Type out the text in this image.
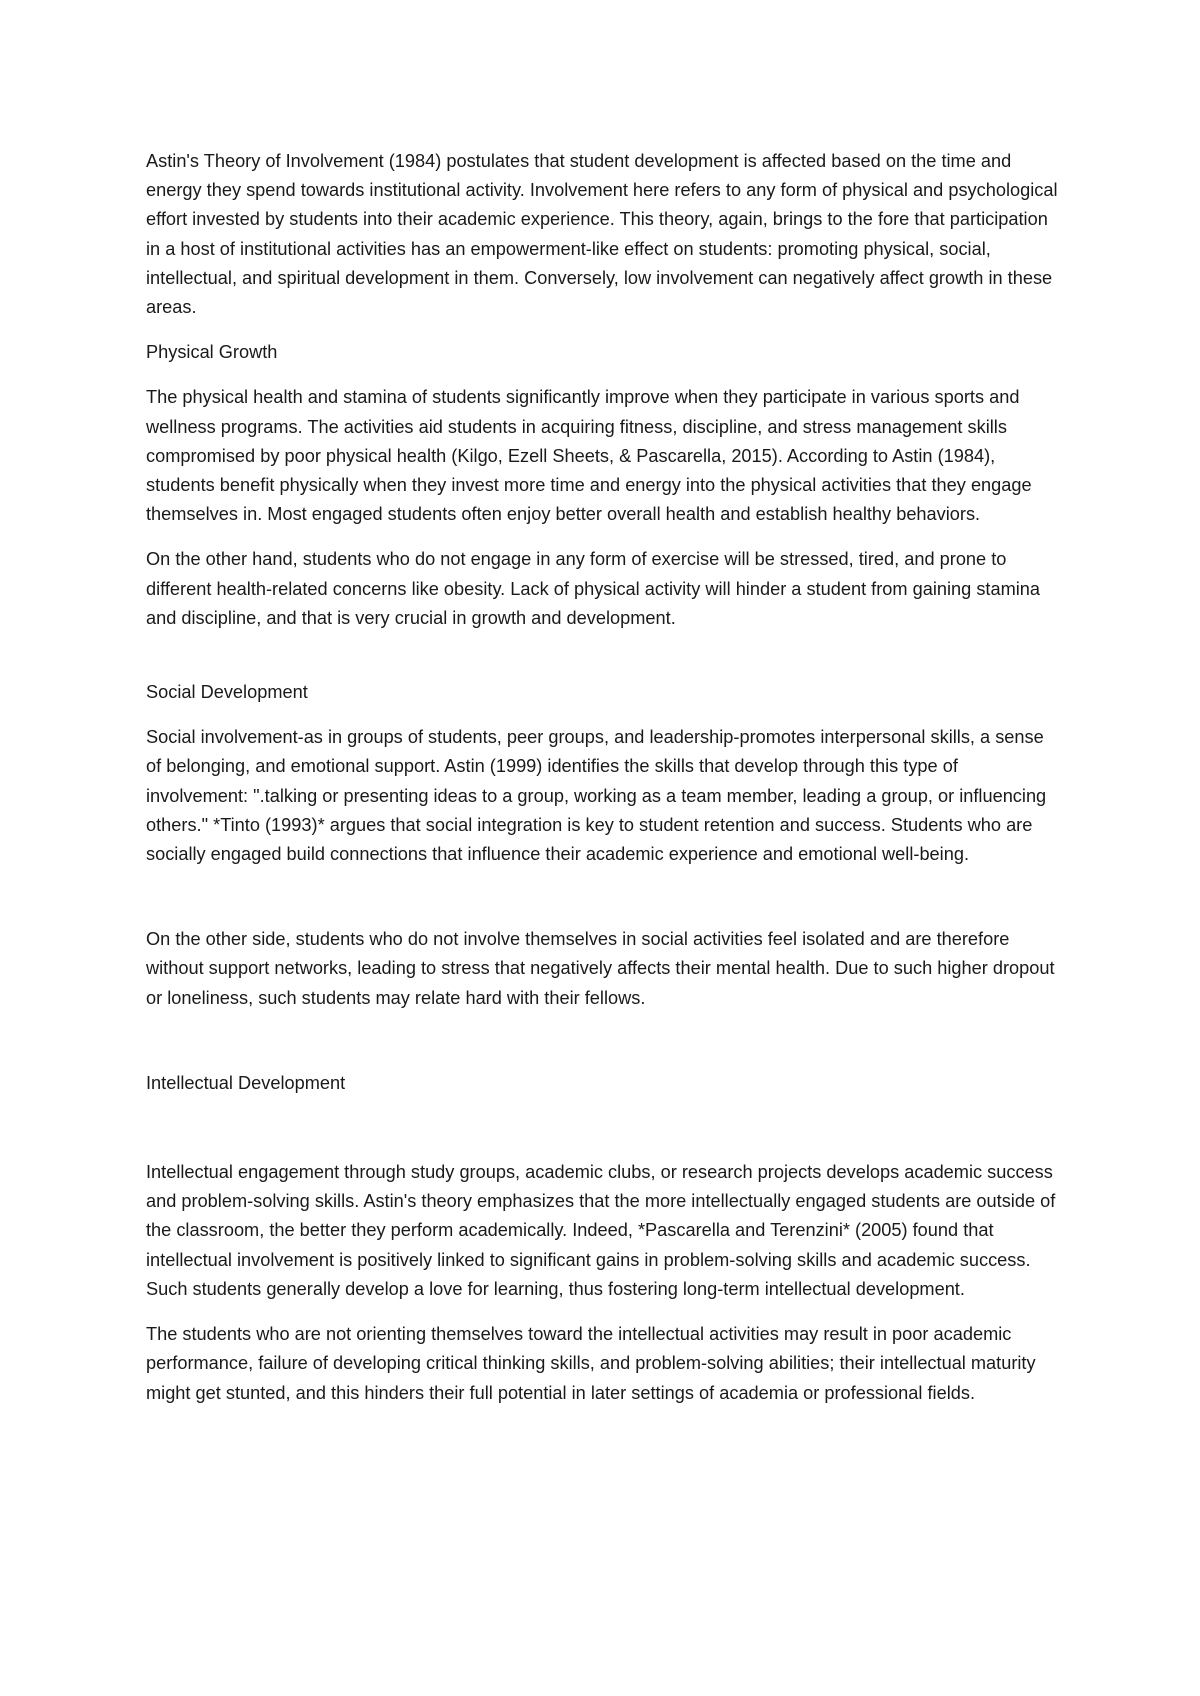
Astin's Theory of Involvement (1984) postulates that student development is affected based on the time and energy they spend towards institutional activity. Involvement here refers to any form of physical and psychological effort invested by students into their academic experience. This theory, again, brings to the fore that participation in a host of institutional activities has an empowerment-like effect on students: promoting physical, social, intellectual, and spiritual development in them. Conversely, low involvement can negatively affect growth in these areas.

Physical Growth

The physical health and stamina of students significantly improve when they participate in various sports and wellness programs. The activities aid students in acquiring fitness, discipline, and stress management skills compromised by poor physical health (Kilgo, Ezell Sheets, & Pascarella, 2015). According to Astin (1984), students benefit physically when they invest more time and energy into the physical activities that they engage themselves in. Most engaged students often enjoy better overall health and establish healthy behaviors.

On the other hand, students who do not engage in any form of exercise will be stressed, tired, and prone to different health-related concerns like obesity. Lack of physical activity will hinder a student from gaining stamina and discipline, and that is very crucial in growth and development.

Social Development

Social involvement-as in groups of students, peer groups, and leadership-promotes interpersonal skills, a sense of belonging, and emotional support. Astin (1999) identifies the skills that develop through this type of involvement: ".talking or presenting ideas to a group, working as a team member, leading a group, or influencing others." *Tinto (1993)* argues that social integration is key to student retention and success. Students who are socially engaged build connections that influence their academic experience and emotional well-being.

On the other side, students who do not involve themselves in social activities feel isolated and are therefore without support networks, leading to stress that negatively affects their mental health. Due to such higher dropout or loneliness, such students may relate hard with their fellows.

Intellectual Development

Intellectual engagement through study groups, academic clubs, or research projects develops academic success and problem-solving skills. Astin's theory emphasizes that the more intellectually engaged students are outside of the classroom, the better they perform academically. Indeed, *Pascarella and Terenzini* (2005) found that intellectual involvement is positively linked to significant gains in problem-solving skills and academic success. Such students generally develop a love for learning, thus fostering long-term intellectual development.

The students who are not orienting themselves toward the intellectual activities may result in poor academic performance, failure of developing critical thinking skills, and problem-solving abilities; their intellectual maturity might get stunted, and this hinders their full potential in later settings of academia or professional fields.
